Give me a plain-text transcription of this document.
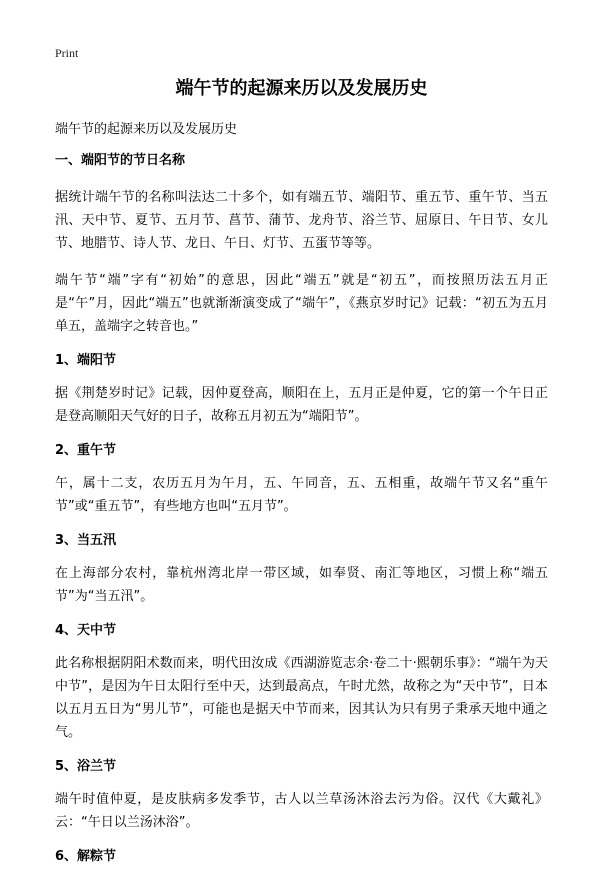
Print
端午节的起源来历以及发展历史
端午节的起源来历以及发展历史
一、端阳节的节日名称

据统计端午节的名称叫法达二十多个，如有端五节、端阳节、重五节、重午节、当五汛、天中节、夏节、五月节、菖节、蒲节、龙舟节、浴兰节、屈原日、午日节、女儿节、地腊节、诗人节、龙日、午日、灯节、五蛋节等等。

端午节“端”字有“初始”的意思，因此“端五”就是“初五”，而按照历法五月正是“午”月，因此“端五”也就渐渐演变成了“端午”，《燕京岁时记》记载：“初五为五月单五，盖端字之转音也。”

1、端阳节

据《荆楚岁时记》记载，因仲夏登高，顺阳在上，五月正是仲夏，它的第一个午日正是登高顺阳天气好的日子，故称五月初五为“端阳节”。

2、重午节

午，属十二支，农历五月为午月，五、午同音，五、五相重，故端午节又名“重午节”或“重五节”，有些地方也叫“五月节”。

3、当五汛

在上海部分农村，靠杭州湾北岸一带区域，如奉贤、南汇等地区，习惯上称“端五节”为“当五汛”。

4、天中节

此名称根据阴阳术数而来，明代田汝成《西湖游览志余·卷二十·熙朝乐事》：“端午为天中节”，是因为午日太阳行至中天，达到最高点，午时尤然，故称之为“天中节”，日本以五月五日为“男儿节”，可能也是据天中节而来，因其认为只有男子秉承天地中通之气。

5、浴兰节

端午时值仲夏，是皮肤病多发季节，古人以兰草汤沐浴去污为俗。汉代《大戴礼》云：“午日以兰汤沐浴”。

6、解粽节
